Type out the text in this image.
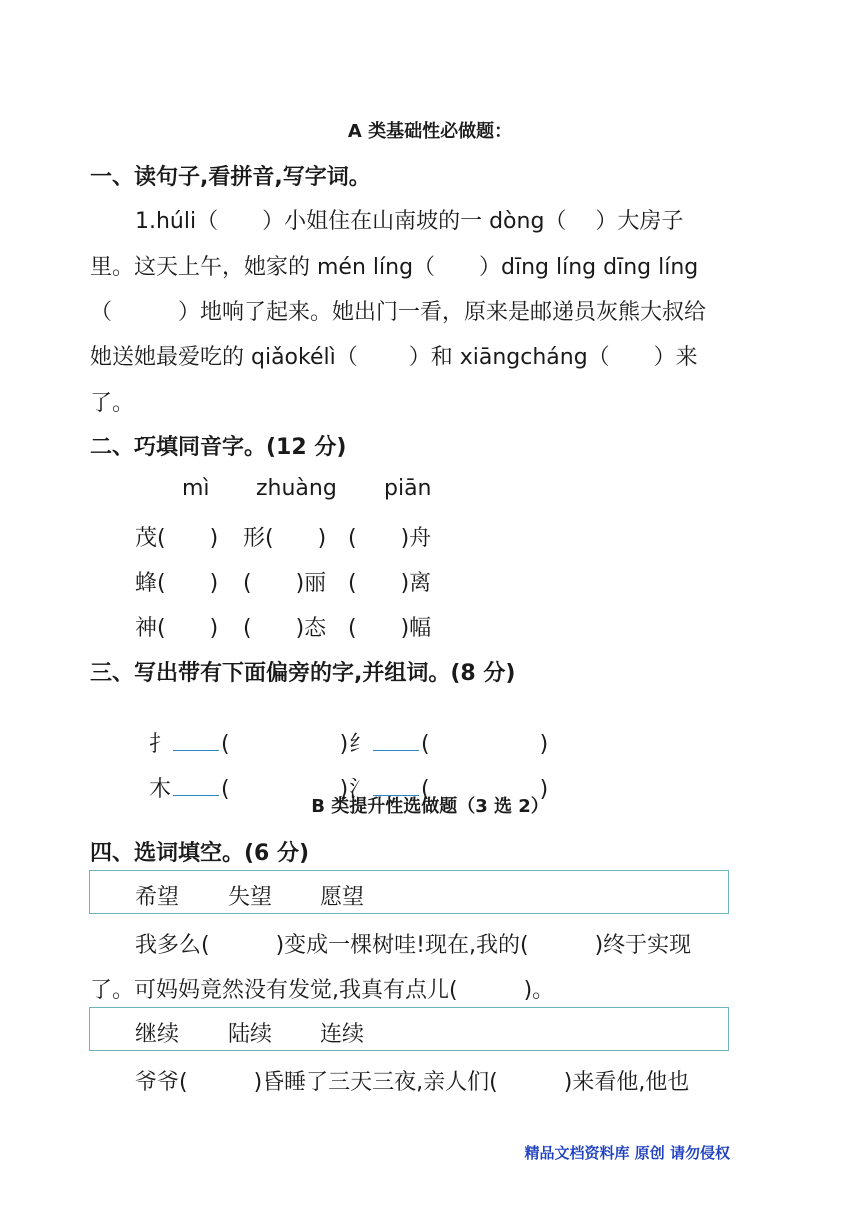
A 类基础性必做题：
一、读句子,看拼音,写字词。
1.húli（　　）小姐住在山南坡的一 dòng（　 ）大房子
里。这天上午，她家的 mén líng（　　）dīng líng dīng líng
（　　　）地响了起来。她出门一看，原来是邮递员灰熊大叔给
她送她最爱吃的 qiǎokélì（　　 ）和 xiāngcháng（　　）来
了。
二、巧填同音字。(12 分)
mì zhuàng piān
茂(　　) 形(　　) (　　)舟
蜂(　　) (　　)丽 (　　)离
神(　　) (　　)态 (　　)幅
三、写出带有下面偏旁的字,并组词。(8 分)

扌 (　　　　　) 纟 (　　　　　)

木 (　　　　　) 氵 (　　　　　)

B 类提升性选做题（3 选 2）
四、选词填空。(6 分)
希望 失望 愿望
我多么(　　　)变成一棵树哇!现在,我的(　　　)终于实现
了。可妈妈竟然没有发觉,我真有点儿(　　　)。
继续 陆续 连续
爷爷(　　　)昏睡了三天三夜,亲人们(　　　)来看他,他也
精品文档资料库 原创 请勿侵权
